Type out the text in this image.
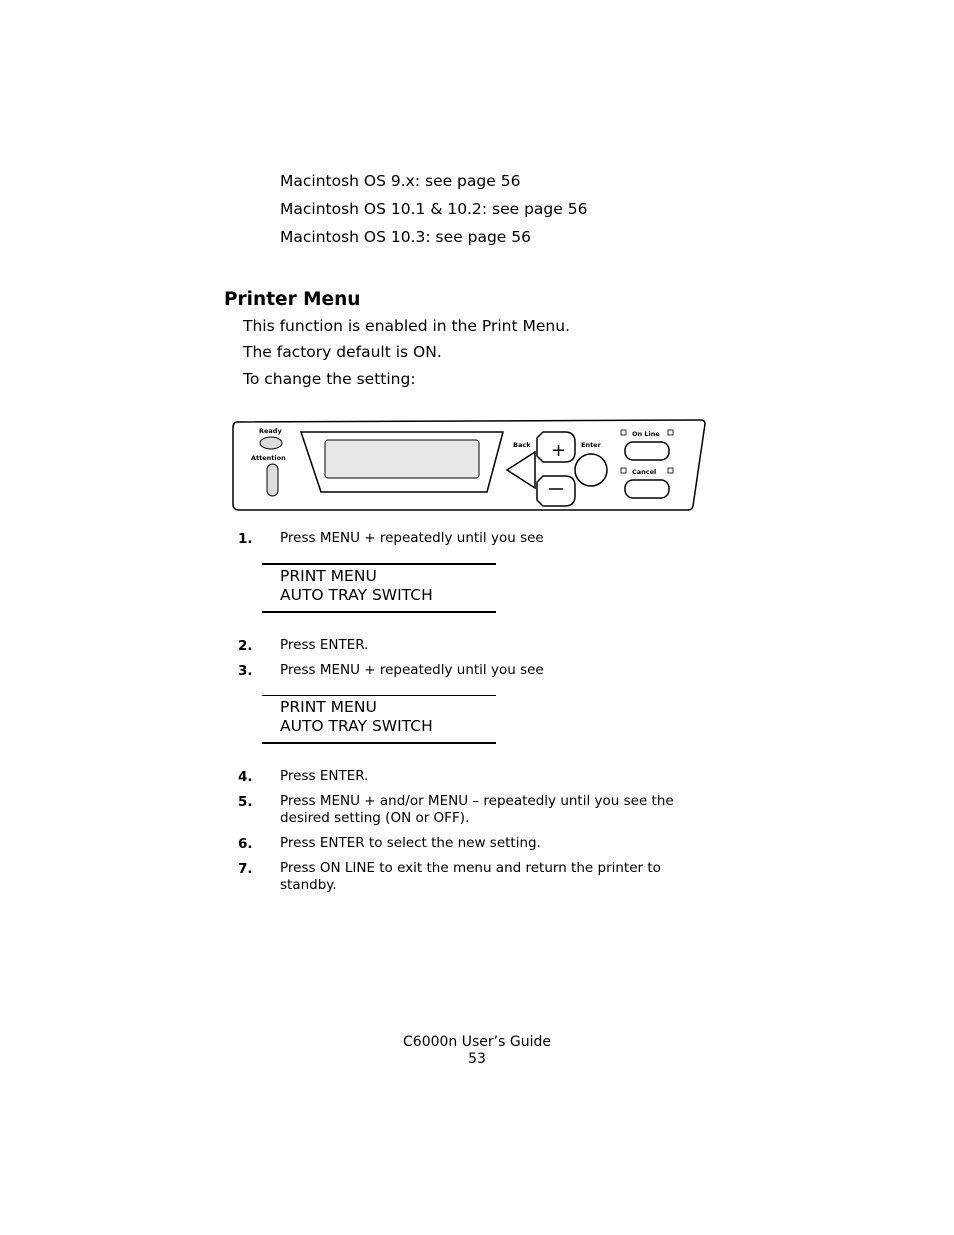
Macintosh OS 9.x: see page 56
Macintosh OS 10.1 & 10.2: see page 56
Macintosh OS 10.3: see page 56
Printer Menu
This function is enabled in the Print Menu.
The factory default is ON.
To change the setting:
Ready
Attention
Back + Enter
On Line
Cancel
1. Press MENU + repeatedly until you see
PRINT MENU
AUTO TRAY SWITCH
2. Press ENTER.
3. Press MENU + repeatedly until you see
PRINT MENU
AUTO TRAY SWITCH
4. Press ENTER.
5. Press MENU + and/or MENU – repeatedly until you see the desired setting (ON or OFF).
6. Press ENTER to select the new setting.
7. Press ON LINE to exit the menu and return the printer to standby.
C6000n User’s Guide
53
